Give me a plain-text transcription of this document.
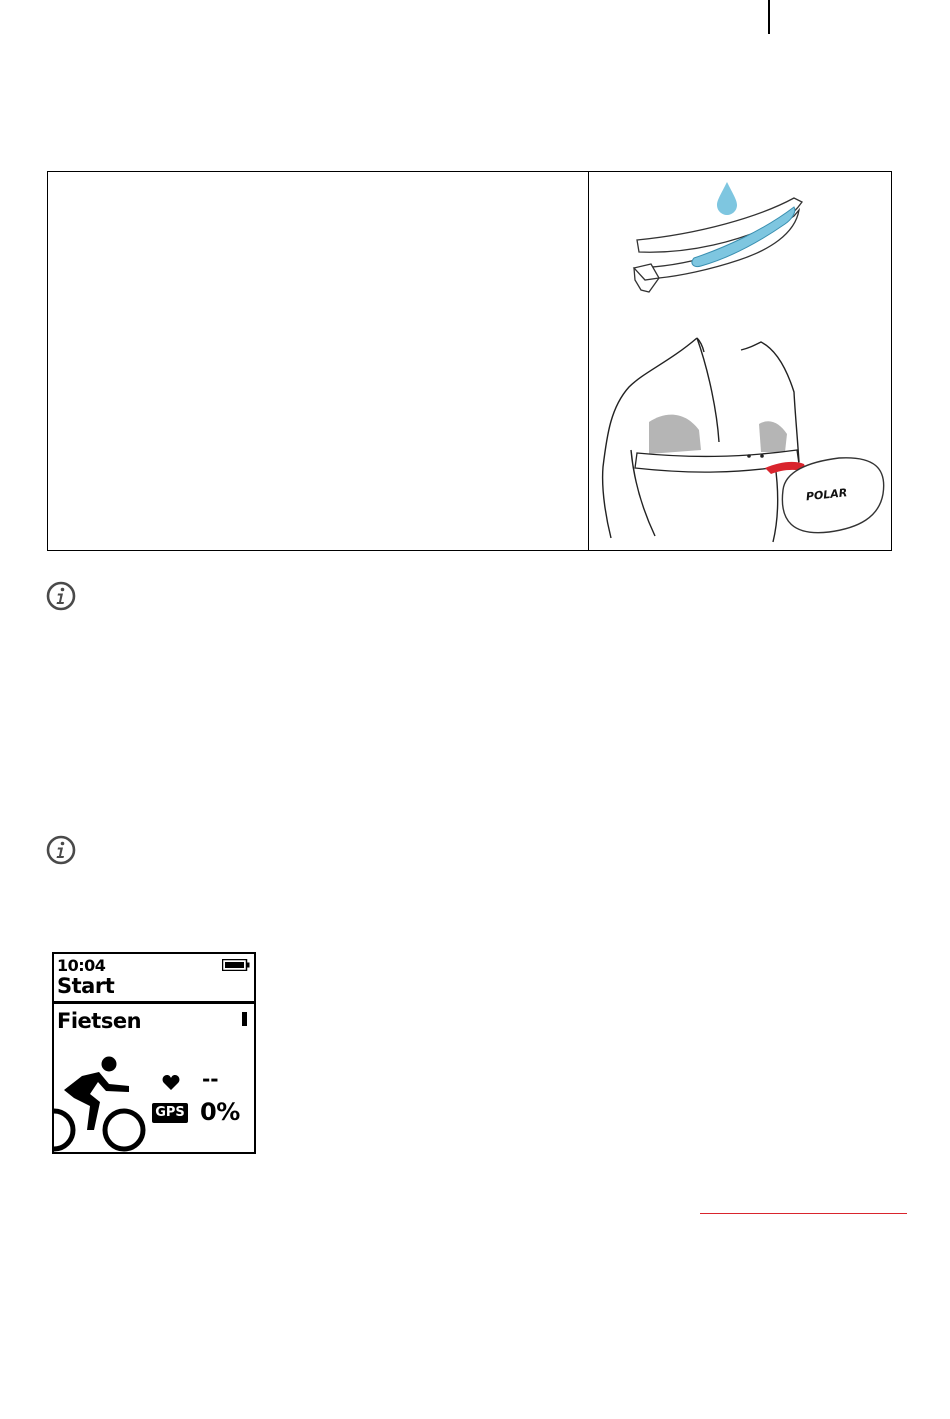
POLAR
10:04
Start
Fietsen
--
GPS 0%
